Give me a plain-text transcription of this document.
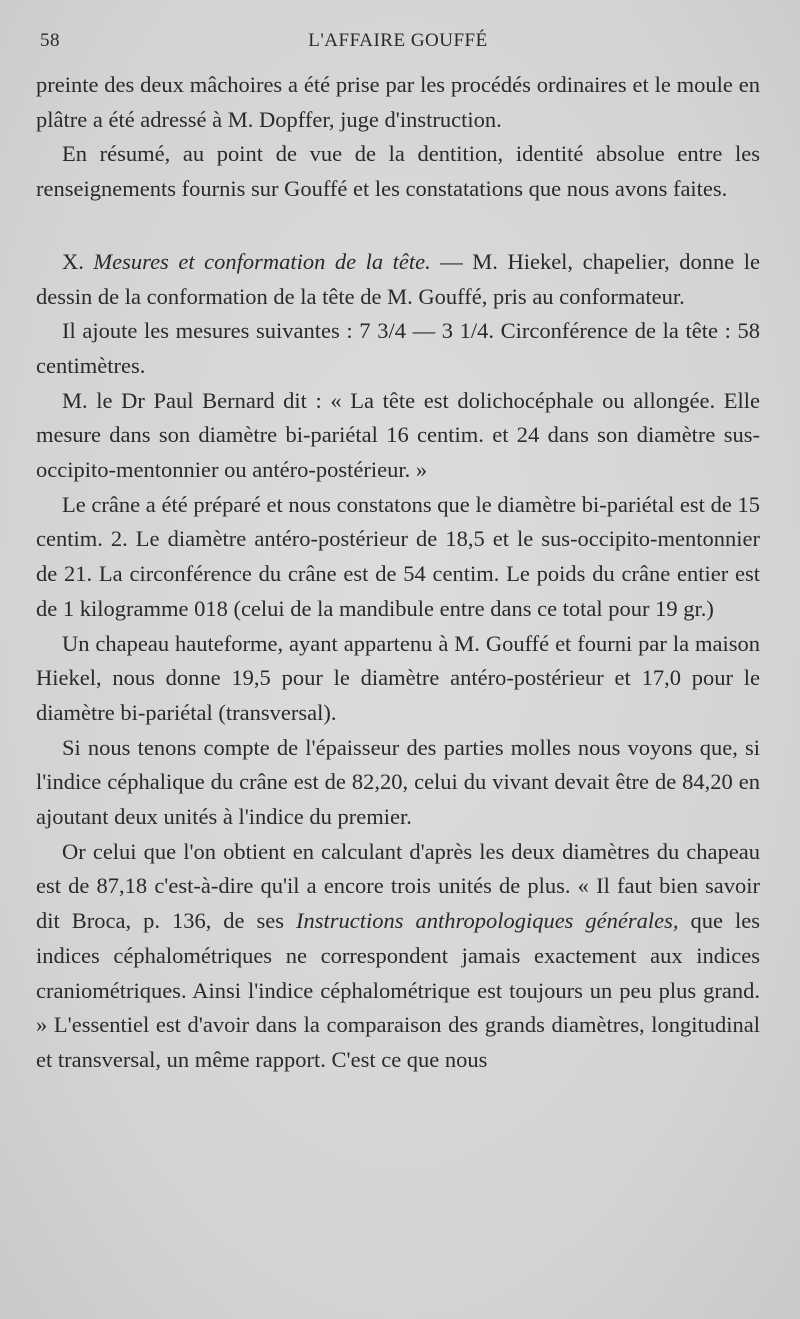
58	L'AFFAIRE GOUFFÉ

preinte des deux mâchoires a été prise par les procédés ordinaires et le moule en plâtre a été adressé à M. Dopffer, juge d'instruction.

En résumé, au point de vue de la dentition, identité absolue entre les renseignements fournis sur Gouffé et les constatations que nous avons faites.

X. Mesures et conformation de la tête. — M. Hiekel, chapelier, donne le dessin de la conformation de la tête de M. Gouffé, pris au conformateur.

Il ajoute les mesures suivantes : 7 3/4 — 3 1/4. Circonférence de la tête : 58 centimètres.

M. le Dr Paul Bernard dit : « La tête est dolichocéphale ou allongée. Elle mesure dans son diamètre bi-pariétal 16 centim. et 24 dans son diamètre sus-occipito-mentonnier ou antéro-postérieur. »

Le crâne a été préparé et nous constatons que le diamètre bi-pariétal est de 15 centim. 2. Le diamètre antéro-postérieur de 18,5 et le sus-occipito-mentonnier de 21. La circonférence du crâne est de 54 centim. Le poids du crâne entier est de 1 kilogramme 018 (celui de la mandibule entre dans ce total pour 19 gr.)

Un chapeau hauteforme, ayant appartenu à M. Gouffé et fourni par la maison Hiekel, nous donne 19,5 pour le diamètre antéro-postérieur et 17,0 pour le diamètre bi-pariétal (transversal).

Si nous tenons compte de l'épaisseur des parties molles nous voyons que, si l'indice céphalique du crâne est de 82,20, celui du vivant devait être de 84,20 en ajoutant deux unités à l'indice du premier.

Or celui que l'on obtient en calculant d'après les deux diamètres du chapeau est de 87,18 c'est-à-dire qu'il a encore trois unités de plus. « Il faut bien savoir dit Broca, p. 136, de ses Instructions anthropologiques générales, que les indices céphalométriques ne correspondent jamais exactement aux indices craniométriques. Ainsi l'indice céphalométrique est toujours un peu plus grand. » L'essentiel est d'avoir dans la comparaison des grands diamètres, longitudinal et transversal, un même rapport. C'est ce que nous
